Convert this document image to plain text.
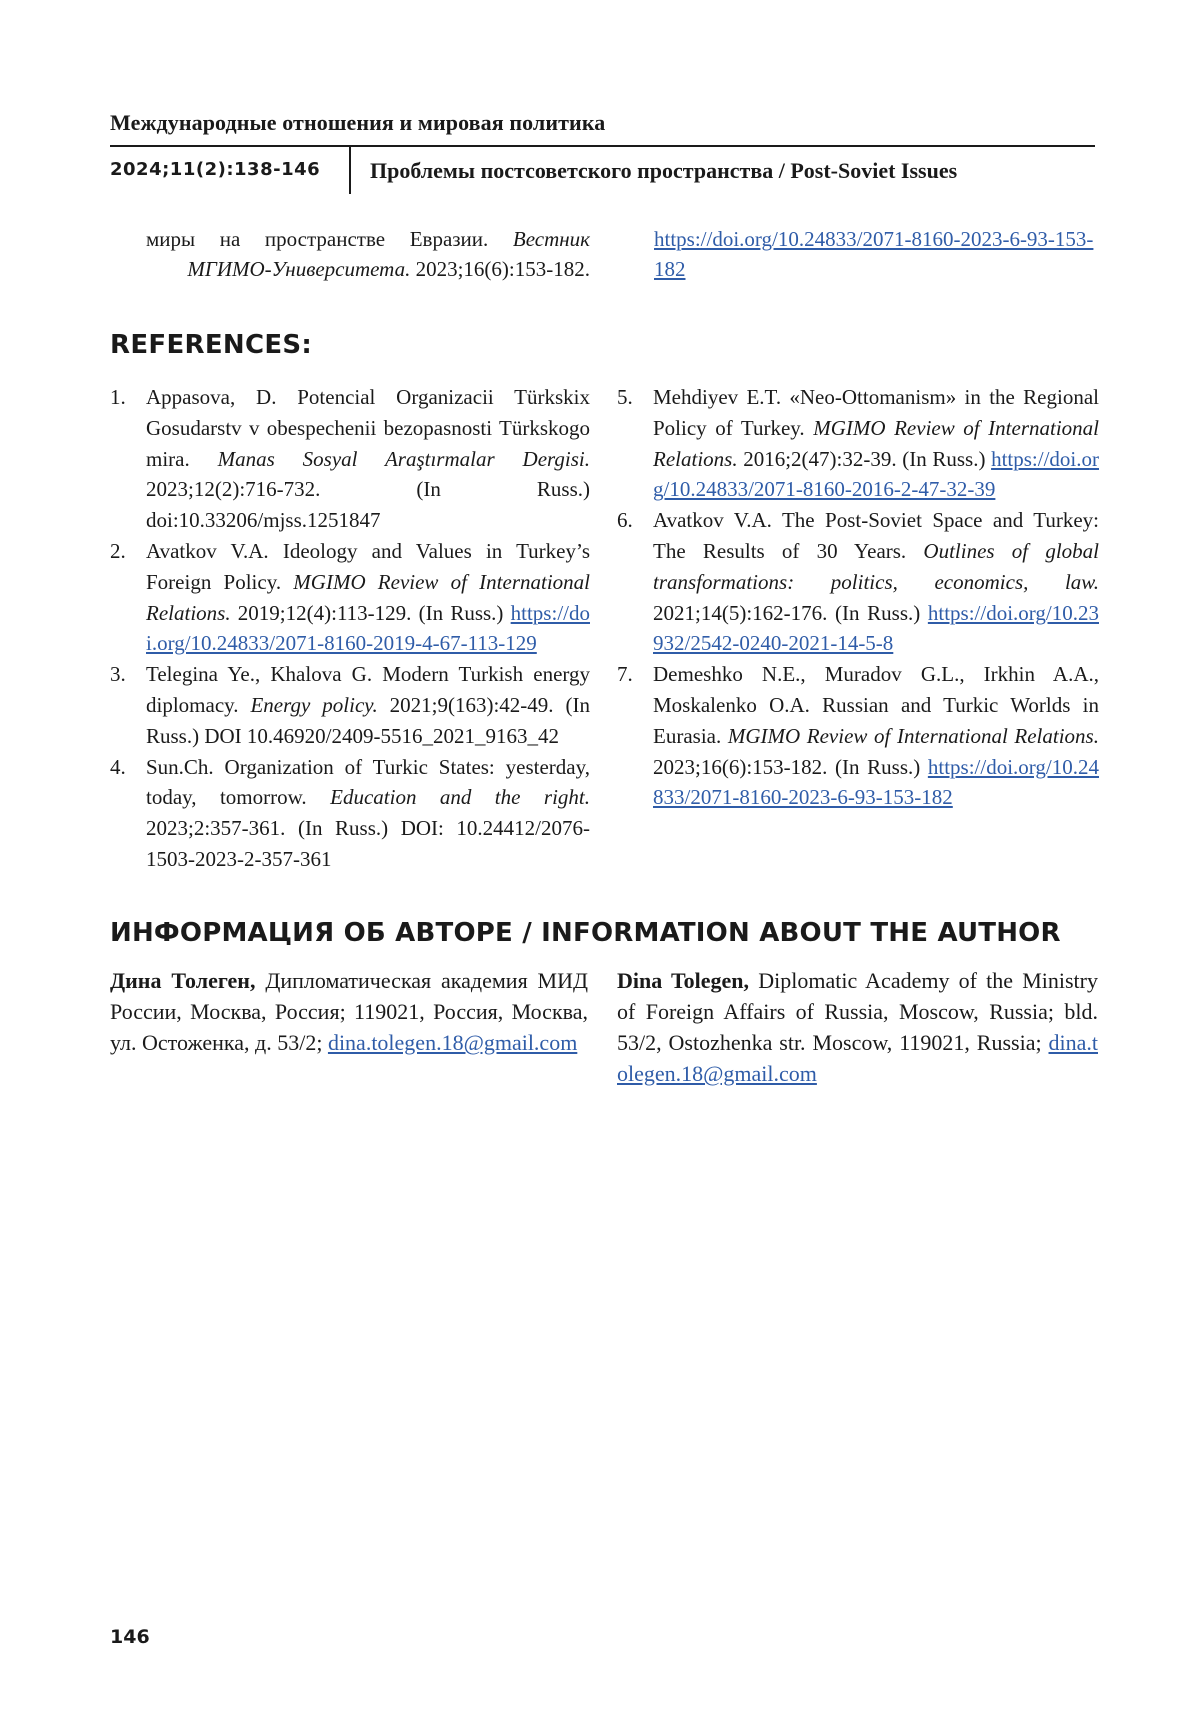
Международные отношения и мировая политика
2024;11(2):138-146 Проблемы постсоветского пространства / Post-Soviet Issues
миры на пространстве Евразии. Вестник МГИМО-Университета. 2023;16(6):153-182.
https://doi.org/10.24833/2071-8160-2023-6-93-153-182
REFERENCES:
1. Appasova, D. Potencial Organizacii Türkskix Gosudarstv v obespechenii bezopasnosti Türkskogo mira. Manas Sosyal Araştırmalar Dergisi. 2023;12(2):716-732. (In Russ.) doi:10.33206/mjss.1251847
2. Avatkov V.A. Ideology and Values in Turkey’s Foreign Policy. MGIMO Review of International Relations. 2019;12(4):113-129. (In Russ.) https://doi.org/10.24833/2071-8160-2019-4-67-113-129
3. Telegina Ye., Khalova G. Modern Turkish energy diplomacy. Energy policy. 2021;9(163):42-49. (In Russ.) DOI 10.46920/2409-5516_2021_9163_42
4. Sun.Ch. Organization of Turkic States: yesterday, today, tomorrow. Education and the right. 2023;2:357-361. (In Russ.) DOI: 10.24412/2076-1503-2023-2-357-361
5. Mehdiyev E.T. «Neo-Ottomanism» in the Regional Policy of Turkey. MGIMO Review of International Relations. 2016;2(47):32-39. (In Russ.) https://doi.org/10.24833/2071-8160-2016-2-47-32-39
6. Avatkov V.A. The Post-Soviet Space and Turkey: The Results of 30 Years. Outlines of global transformations: politics, economics, law. 2021;14(5):162-176. (In Russ.) https://doi.org/10.23932/2542-0240-2021-14-5-8
7. Demeshko N.E., Muradov G.L., Irkhin A.A., Moskalenko O.A. Russian and Turkic Worlds in Eurasia. MGIMO Review of International Relations. 2023;16(6):153-182. (In Russ.) https://doi.org/10.24833/2071-8160-2023-6-93-153-182
ИНФОРМАЦИЯ ОБ АВТОРЕ / INFORMATION ABOUT THE AUTHOR
Дина Толеген, Дипломатическая академия МИД России, Москва, Россия; 119021, Россия, Москва, ул. Остоженка, д. 53/2; dina.tolegen.18@gmail.com
Dina Tolegen, Diplomatic Academy of the Ministry of Foreign Affairs of Russia, Moscow, Russia; bld. 53/2, Ostozhenka str. Moscow, 119021, Russia; dina.tolegen.18@gmail.com
146
